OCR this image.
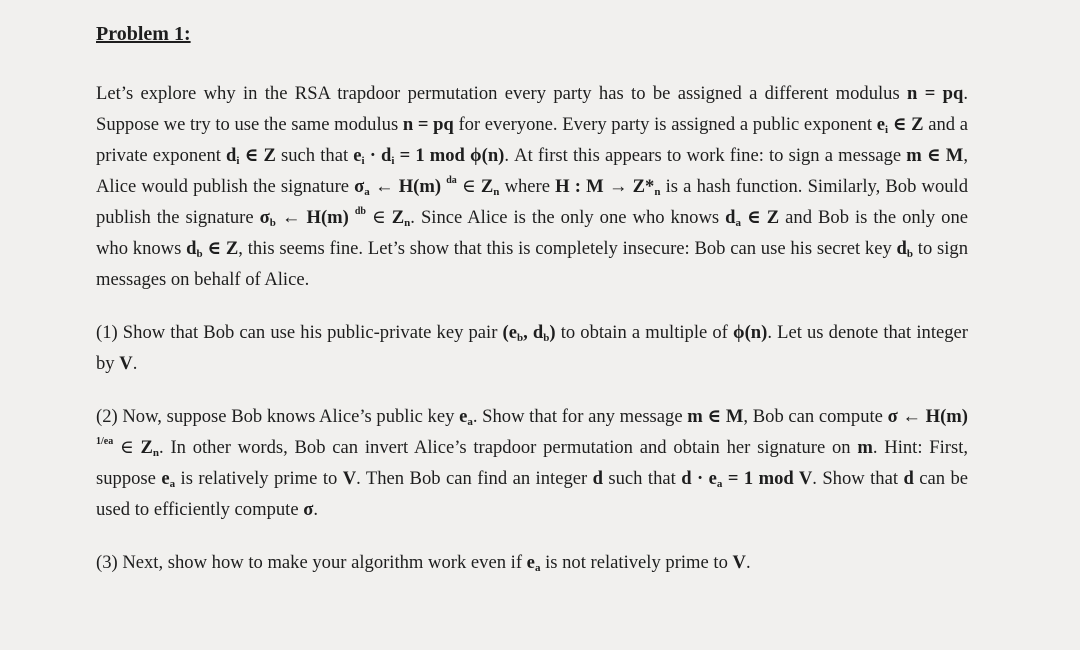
Problem 1:

Let’s explore why in the RSA trapdoor permutation every party has to be assigned a different modulus n = pq. Suppose we try to use the same modulus n = pq for everyone. Every party is assigned a public exponent $e_i$ ∈ Z and a private exponent $d_i$ ∈ Z such that $e_i \cdot d_i = 1$ mod ϕ(n). At first this appears to work fine: to sign a message m ∈ M, Alice would publish the signature $\sigma_a$ ← H(m) $^{da}$ ∈ $Z_n$ where H : $M \to Z*_n$ is a hash function. Similarly, Bob would publish the signature $\sigma_b$ ← H(m) $^{db}$ ∈ $Z_n$. Since Alice is the only one who knows $d_a$ ∈ Z and Bob is the only one who knows $d_b$ ∈ Z, this seems fine. Let’s show that this is completely insecure: Bob can use his secret key $d_b$ to sign messages on behalf of Alice.

(1) Show that Bob can use his public-private key pair ($e_b$, $d_b$) to obtain a multiple of ϕ(n). Let us denote that integer by V.

(2) Now, suppose Bob knows Alice’s public key $e_a$. Show that for any message m ∈ M, Bob can compute σ ← H(m) $^{1/ea}$ ∈ $Z_n$. In other words, Bob can invert Alice’s trapdoor permutation and obtain her signature on m. Hint: First, suppose $e_a$ is relatively prime to V. Then Bob can find an integer d such that $d \cdot e_a = 1$ mod V. Show that d can be used to efficiently compute σ.

(3) Next, show how to make your algorithm work even if $e_a$ is not relatively prime to V.
